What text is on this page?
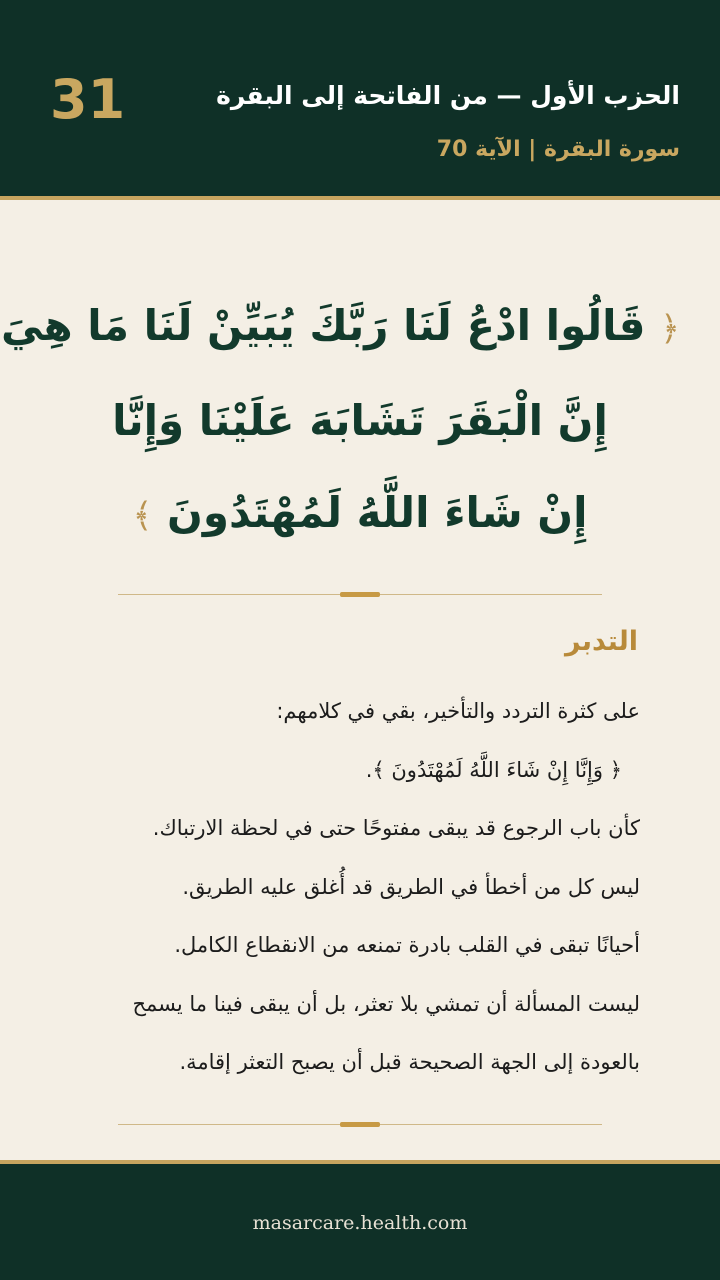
31	الحزب الأول — من الفاتحة إلى البقرة
سورة البقرة | الآية 70
﴿ قَالُوا ادْعُ لَنَا رَبَّكَ يُبَيِّنْ لَنَا مَا هِيَ
إِنَّ الْبَقَرَ تَشَابَهَ عَلَيْنَا وَإِنَّا
إِنْ شَاءَ اللَّهُ لَمُهْتَدُونَ ﴾
التدبر
على كثرة التردد والتأخير، بقي في كلامهم:
﴿ وَإِنَّا إِنْ شَاءَ اللَّهُ لَمُهْتَدُونَ ﴾.
كأن باب الرجوع قد يبقى مفتوحًا حتى في لحظة الارتباك.
ليس كل من أخطأ في الطريق قد أُغلق عليه الطريق.
أحيانًا تبقى في القلب بادرة تمنعه من الانقطاع الكامل.
ليست المسألة أن تمشي بلا تعثر، بل أن يبقى فينا ما يسمح
بالعودة إلى الجهة الصحيحة قبل أن يصبح التعثر إقامة.
masarcare.health.com
